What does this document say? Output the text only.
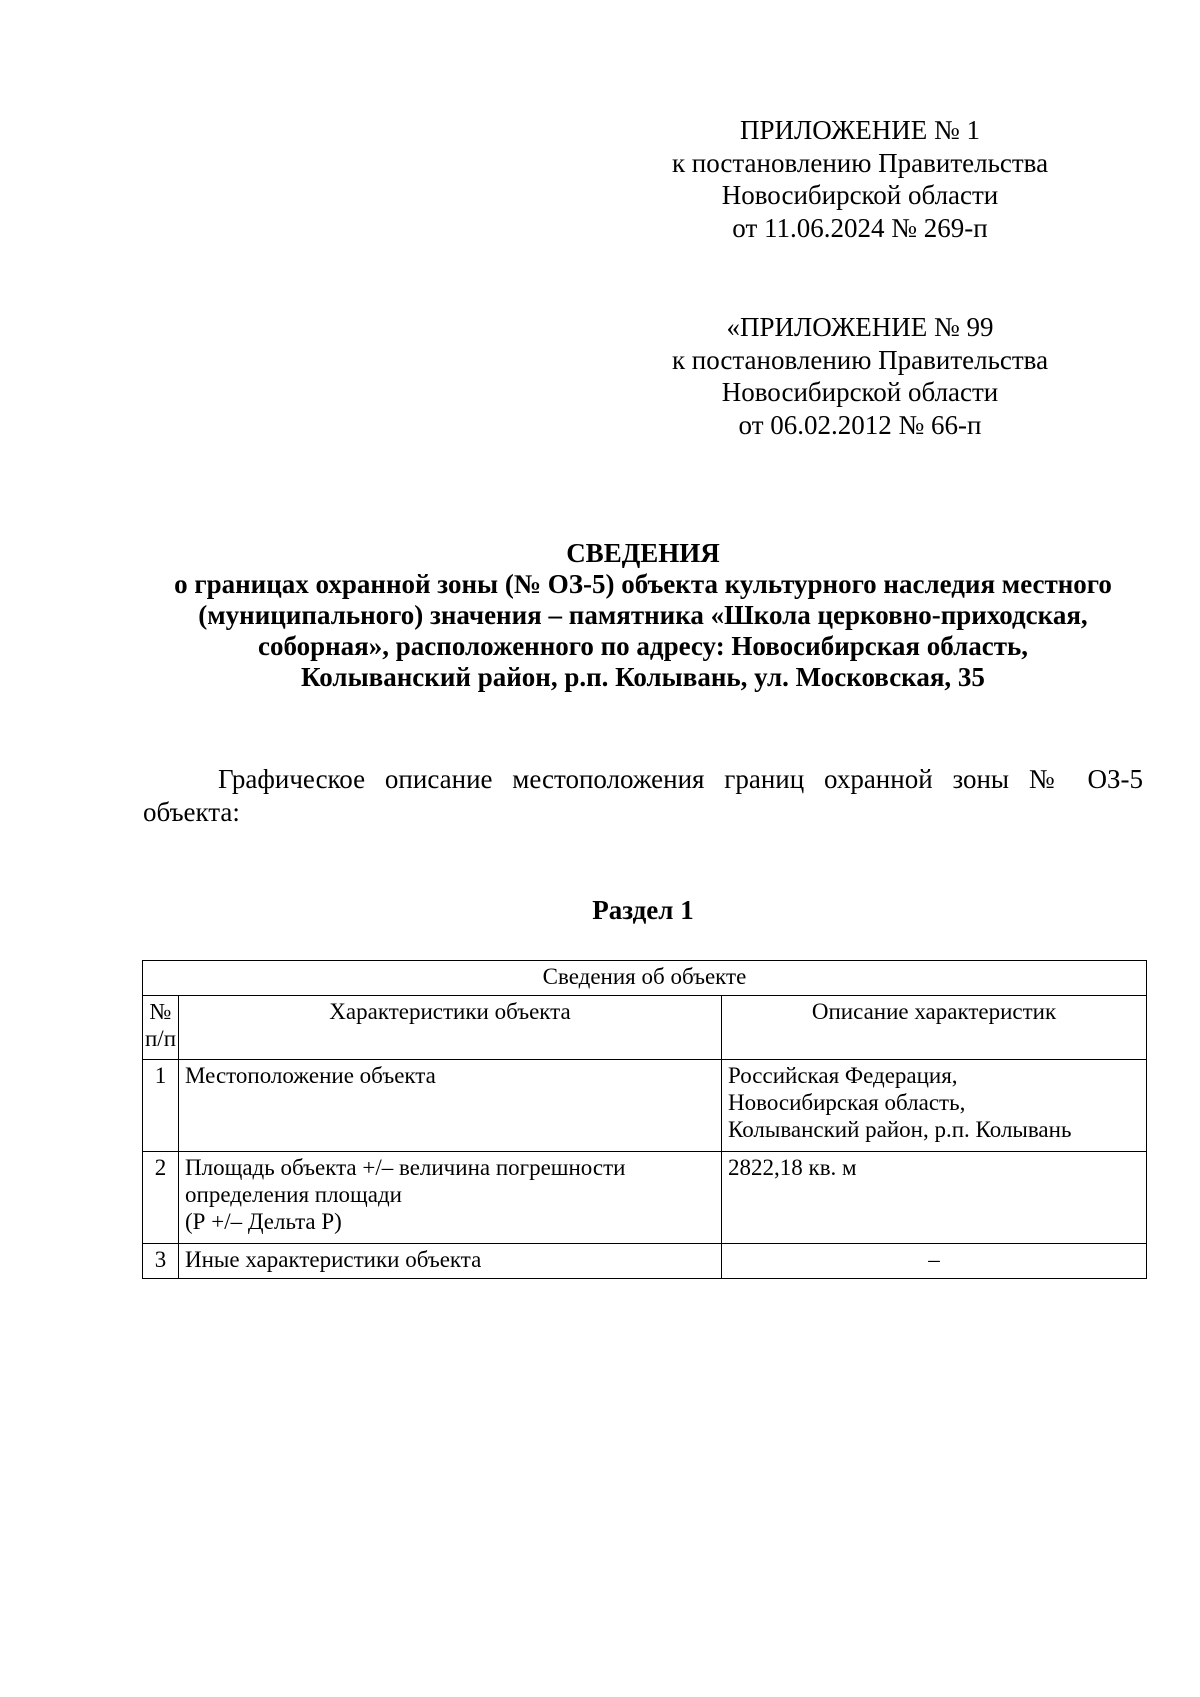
ПРИЛОЖЕНИЕ № 1
к постановлению Правительства
Новосибирской области
от 11.06.2024 № 269-п
«ПРИЛОЖЕНИЕ № 99
к постановлению Правительства
Новосибирской области
от 06.02.2012 № 66-п
СВЕДЕНИЯ
о границах охранной зоны (№ ОЗ-5) объекта культурного наследия местного
(муниципального) значения – памятника «Школа церковно-приходская,
соборная», расположенного по адресу: Новосибирская область,
Колыванский район, р.п. Колывань, ул. Московская, 35
Графическое описание местоположения границ охранной зоны № ОЗ-5
объекта:
Раздел 1
Сведения об объекте		

№
п/п	Характеристики объекта	Описание характеристик
1	Местоположение объекта	Российская Федерация,
Новосибирская область,
Колыванский район, р.п. Колывань

2	Площадь объекта +/– величина погрешности
определения площади
(Р +/– Дельта Р)	2822,18 кв. м

3	Иные характеристики объекта	–
